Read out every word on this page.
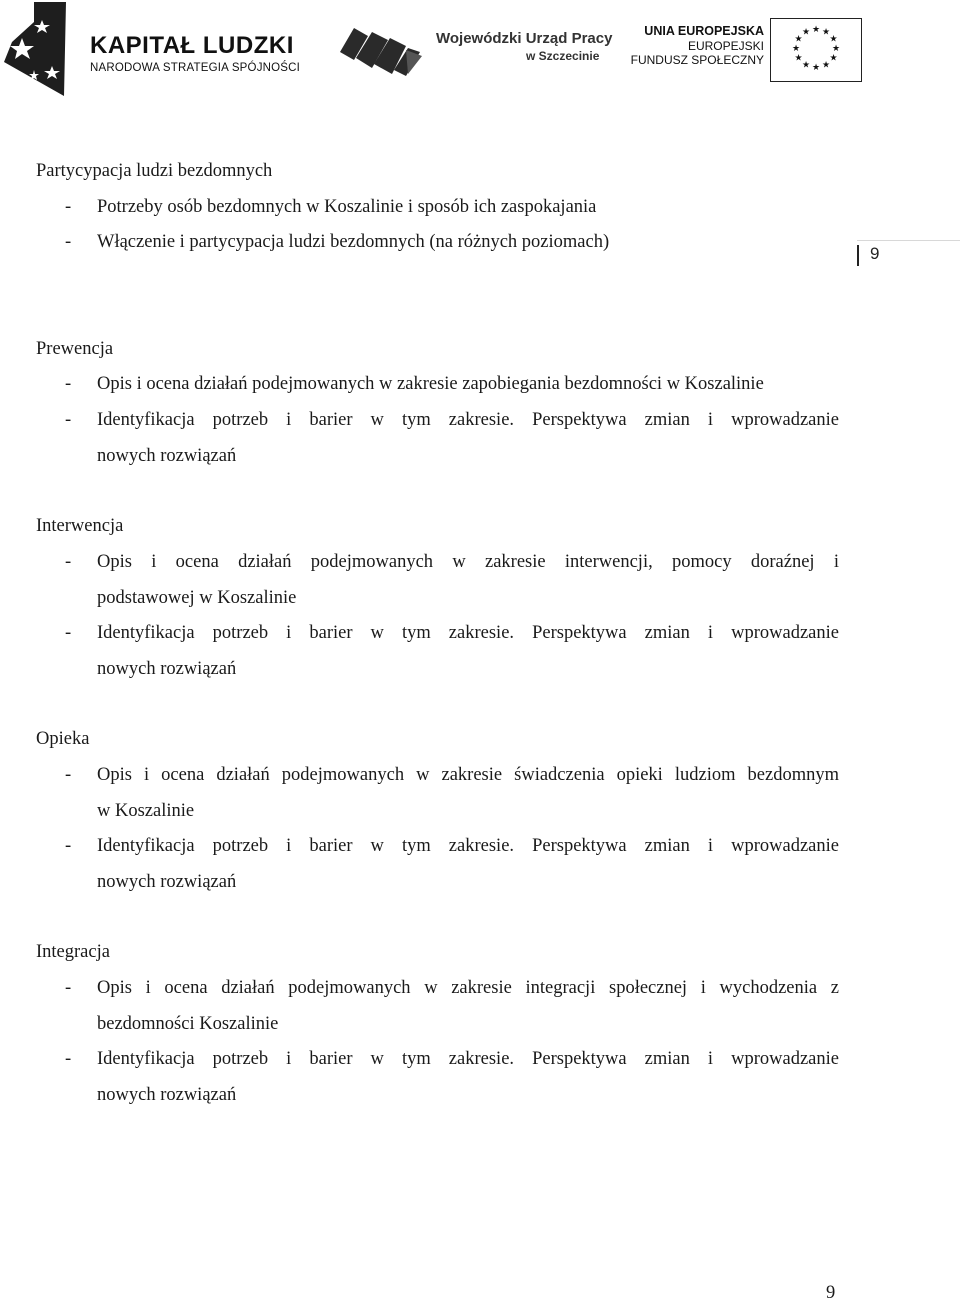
KAPITAŁ LUDZKI
NARODOWA STRATEGIA SPÓJNOŚCI
Wojewódzki Urząd Pracy
w Szczecinie
UNIA EUROPEJSKA
EUROPEJSKI
FUNDUSZ SPOŁECZNY
★ ★
★
★
★
★
★
★
★
★
★
★
9
Partycypacja ludzi bezdomnych
- Potrzeby osób bezdomnych w Koszalinie i sposób ich zaspokajania
- Włączenie i partycypacja ludzi bezdomnych (na różnych poziomach)
Prewencja
- Opis i ocena działań podejmowanych w zakresie zapobiegania bezdomności w Koszalinie
- Identyfikacja potrzeb i barier w tym zakresie. Perspektywa zmian i wprowadzanie
nowych rozwiązań
Interwencja
- Opis i ocena działań podejmowanych w zakresie interwencji, pomocy doraźnej i
podstawowej w Koszalinie
- Identyfikacja potrzeb i barier w tym zakresie. Perspektywa zmian i wprowadzanie
nowych rozwiązań
Opieka
- Opis i ocena działań podejmowanych w zakresie świadczenia opieki ludziom bezdomnym
w Koszalinie
- Identyfikacja potrzeb i barier w tym zakresie. Perspektywa zmian i wprowadzanie
nowych rozwiązań
Integracja
- Opis i ocena działań podejmowanych w zakresie integracji społecznej i wychodzenia z
bezdomności Koszalinie
- Identyfikacja potrzeb i barier w tym zakresie. Perspektywa zmian i wprowadzanie
nowych rozwiązań
9
